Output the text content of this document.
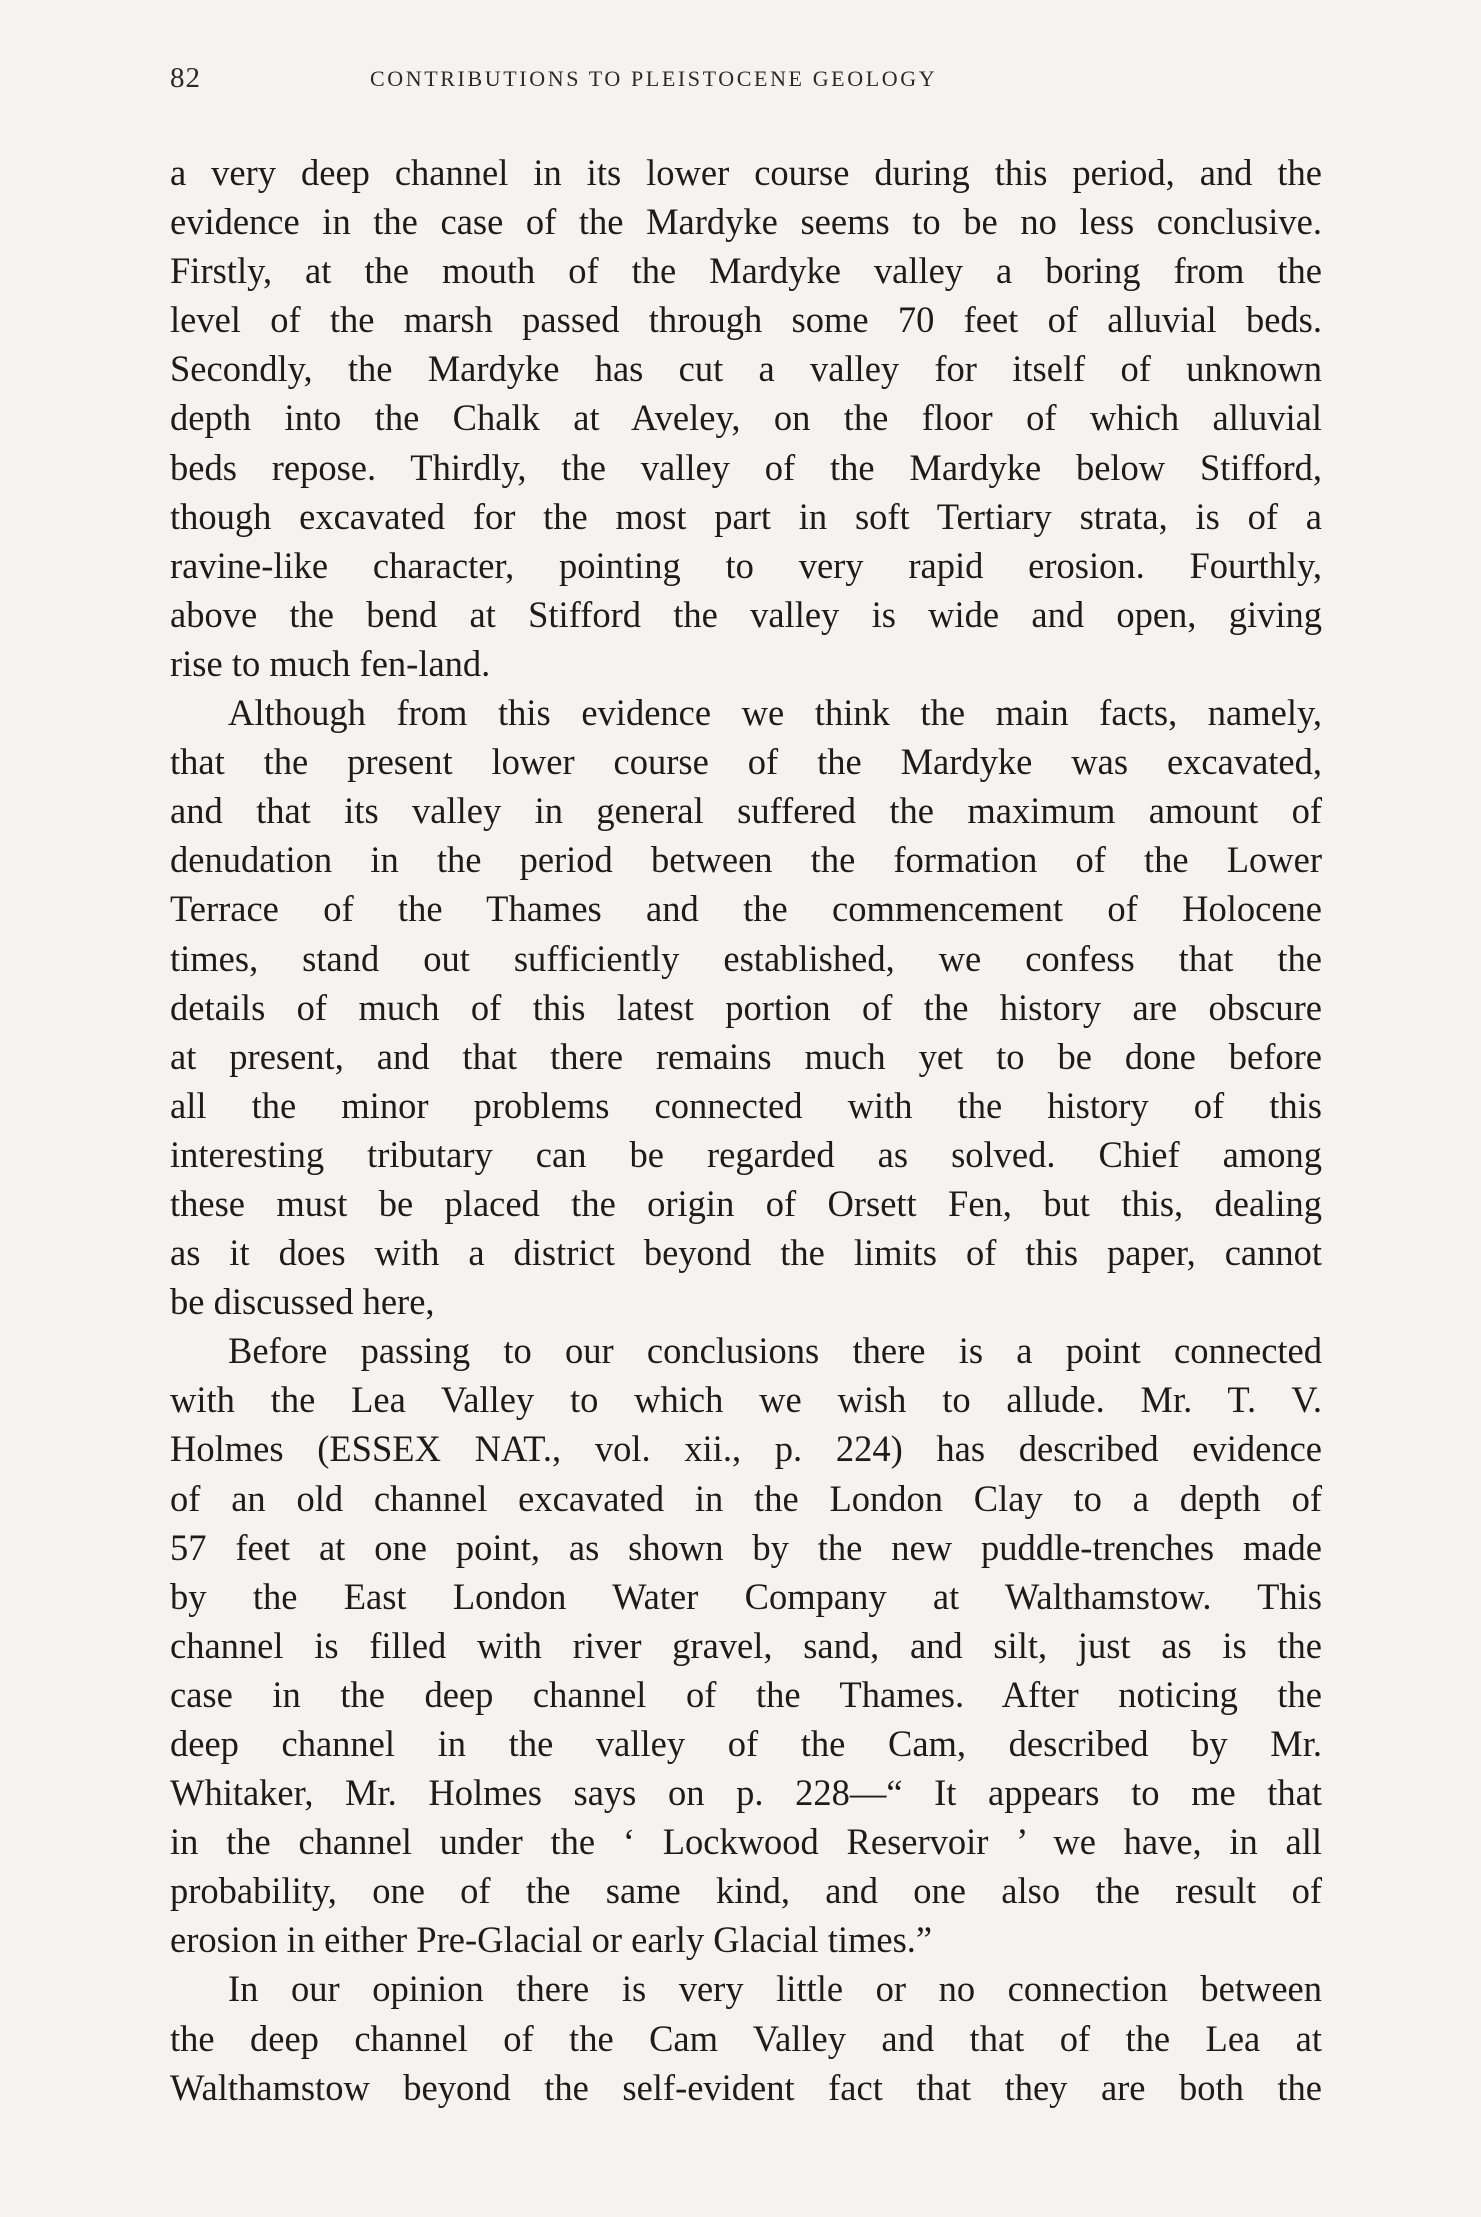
82	CONTRIBUTIONS TO PLEISTOCENE GEOLOGY
a very deep channel in its lower course during this period, and the
evidence in the case of the Mardyke seems to be no less conclusive.
Firstly, at the mouth of the Mardyke valley a boring from the
level of the marsh passed through some 70 feet of alluvial beds.
Secondly, the Mardyke has cut a valley for itself of unknown
depth into the Chalk at Aveley, on the floor of which alluvial
beds repose. Thirdly, the valley of the Mardyke below Stifford,
though excavated for the most part in soft Tertiary strata, is of a
ravine-like character, pointing to very rapid erosion. Fourthly,
above the bend at Stifford the valley is wide and open, giving
rise to much fen-land.
Although from this evidence we think the main facts, namely,
that the present lower course of the Mardyke was excavated,
and that its valley in general suffered the maximum amount of
denudation in the period between the formation of the Lower
Terrace of the Thames and the commencement of Holocene
times, stand out sufficiently established, we confess that the
details of much of this latest portion of the history are obscure
at present, and that there remains much yet to be done before
all the minor problems connected with the history of this
interesting tributary can be regarded as solved. Chief among
these must be placed the origin of Orsett Fen, but this, dealing
as it does with a district beyond the limits of this paper, cannot
be discussed here,
Before passing to our conclusions there is a point connected
with the Lea Valley to which we wish to allude. Mr. T. V.
Holmes (ESSEX NAT., vol. xii., p. 224) has described evidence
of an old channel excavated in the London Clay to a depth of
57 feet at one point, as shown by the new puddle-trenches made
by the East London Water Company at Walthamstow. This
channel is filled with river gravel, sand, and silt, just as is the
case in the deep channel of the Thames. After noticing the
deep channel in the valley of the Cam, described by Mr.
Whitaker, Mr. Holmes says on p. 228—“ It appears to me that
in the channel under the ‘ Lockwood Reservoir ’ we have, in all
probability, one of the same kind, and one also the result of
erosion in either Pre-Glacial or early Glacial times.”
In our opinion there is very little or no connection between
the deep channel of the Cam Valley and that of the Lea at
Walthamstow beyond the self-evident fact that they are both the
